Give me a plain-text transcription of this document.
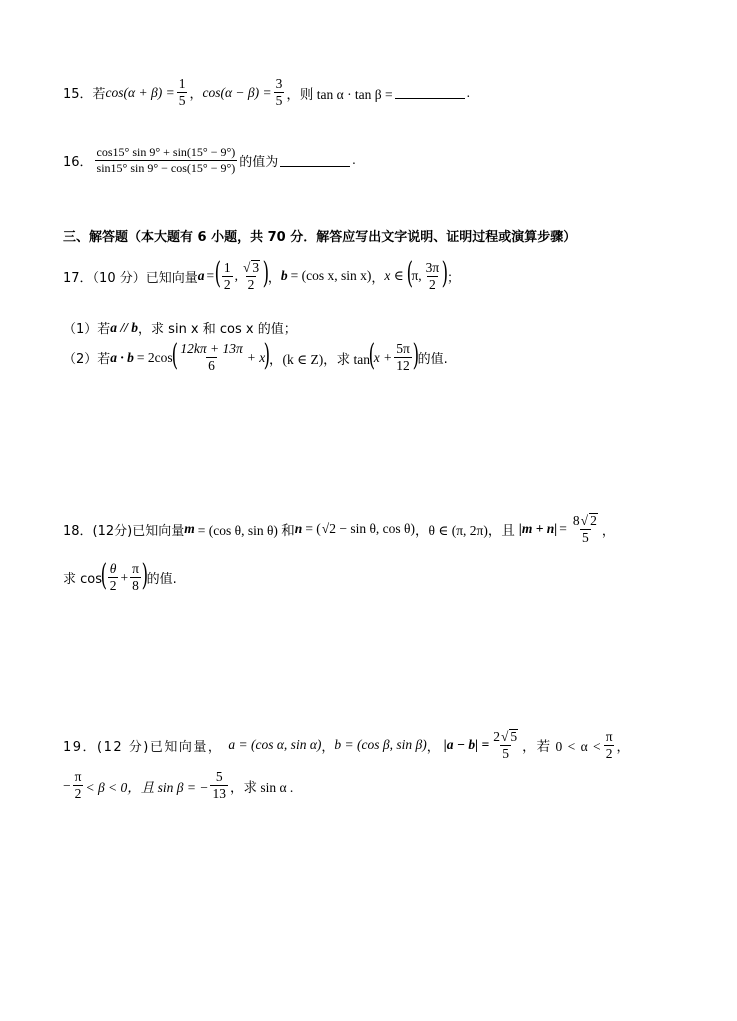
15．若 $\cos(\alpha + \beta) = \frac{1}{5}$ ， $\cos(\alpha - \beta) = \frac{3}{5}$ ，则 tan α · tan β =	.
16．
cos15° sin 9° + sin(15° − 9°)
sin15° sin 9° − cos(15° − 9°) 的值为	.
三、解答题（本大题有 6 小题，共 70 分．解答应写出文字说明、证明过程或演算步骤）
17．（10 分）已知向量 a = ( 1
2
,
√ 3
2 )
， b = (cos x, sin x) ， x ∈ (
π,
3π
2 )
；
（1）若 a // b ，求 sin x 和 cos x 的值；
（2）若 a · b = 2cos
( 12kπ + 13π
6
+ x
)
，(k ∈ Z)，求 tan
(
$x + \frac{5\pi}{12}$ )
的值.
18．(12分)已知向量 m = (cos θ, sin θ) 和 n = ( √ 2 − sin θ, cos θ) ，θ ∈ (π, 2π)，且 $|m + n| = \frac{8√ 2}{5}$ ，
求 cos
( θ
2
+ $\frac{\pi}{8}$ )
的值.
19．(12 分)已知向量， a = (cos α, sin α) ， b = (cos β, sin β) ， $|a - b| = \frac{2√ 5}{5}$ ，若 0 < α <
π
2 ，
− $\frac{\pi}{2} < \beta < 0$，且 sin β = − $\frac{5}{13}$ ，求 sin α .
